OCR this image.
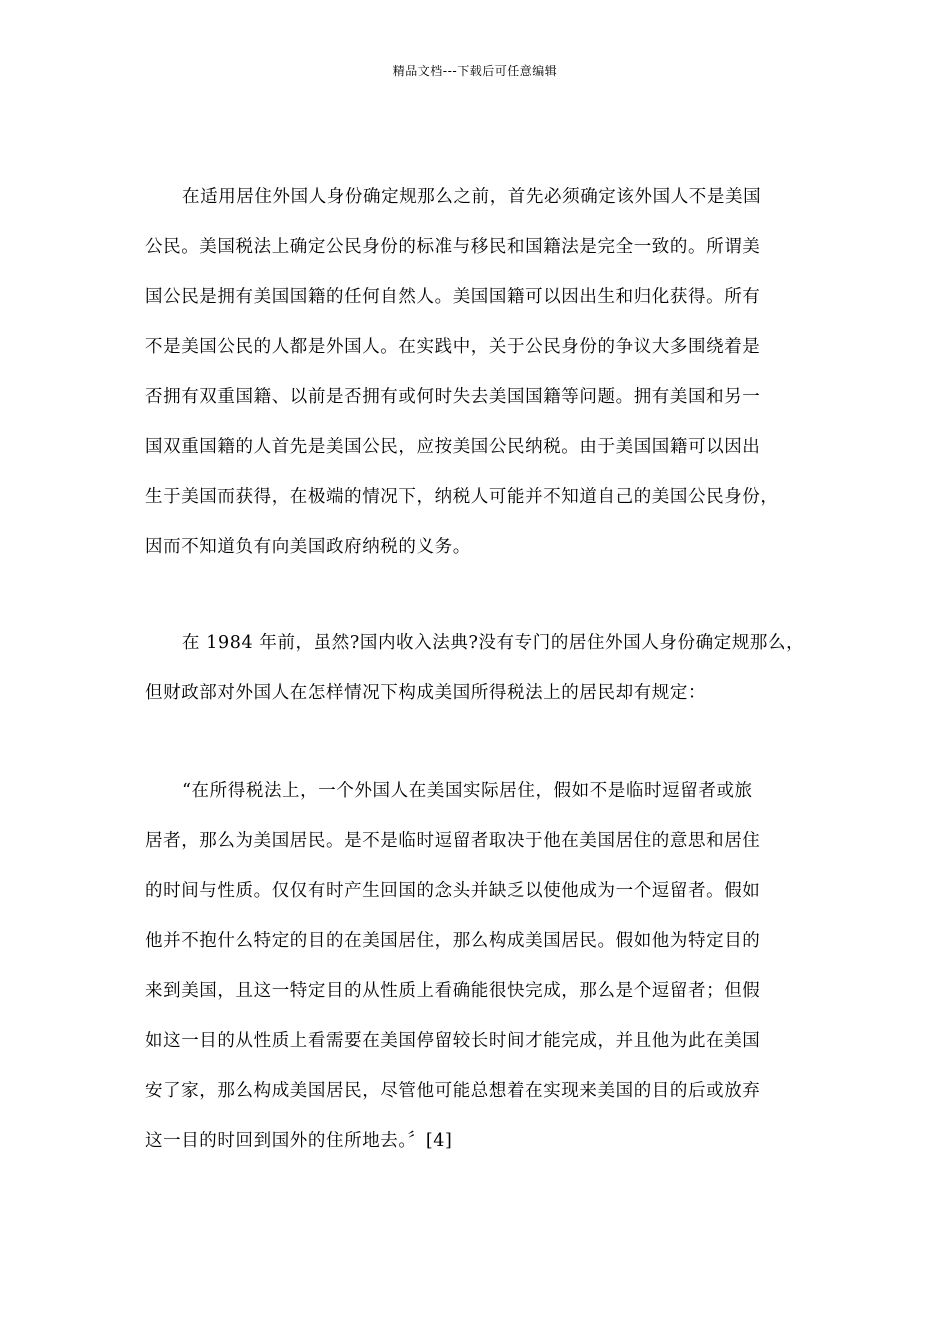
精品文档---下载后可任意编辑
在适用居住外国人身份确定规那么之前，首先必须确定该外国人不是美国
公民。美国税法上确定公民身份的标准与移民和国籍法是完全一致的。所谓美
国公民是拥有美国国籍的任何自然人。美国国籍可以因出生和归化获得。所有
不是美国公民的人都是外国人。在实践中，关于公民身份的争议大多围绕着是
否拥有双重国籍、以前是否拥有或何时失去美国国籍等问题。拥有美国和另一
国双重国籍的人首先是美国公民，应按美国公民纳税。由于美国国籍可以因出
生于美国而获得，在极端的情况下，纳税人可能并不知道自己的美国公民身份，
因而不知道负有向美国政府纳税的义务。
在 1984 年前，虽然?国内收入法典?没有专门的居住外国人身份确定规那么，
但财政部对外国人在怎样情况下构成美国所得税法上的居民却有规定：
“在所得税法上，一个外国人在美国实际居住，假如不是临时逗留者或旅
居者，那么为美国居民。是不是临时逗留者取决于他在美国居住的意思和居住
的时间与性质。仅仅有时产生回国的念头并缺乏以使他成为一个逗留者。假如
他并不抱什么特定的目的在美国居住，那么构成美国居民。假如他为特定目的
来到美国，且这一特定目的从性质上看确能很快完成，那么是个逗留者；但假
如这一目的从性质上看需要在美国停留较长时间才能完成，并且他为此在美国
安了家，那么构成美国居民，尽管他可能总想着在实现来美国的目的后或放弃
这一目的时回到国外的住所地去。〞[4]
